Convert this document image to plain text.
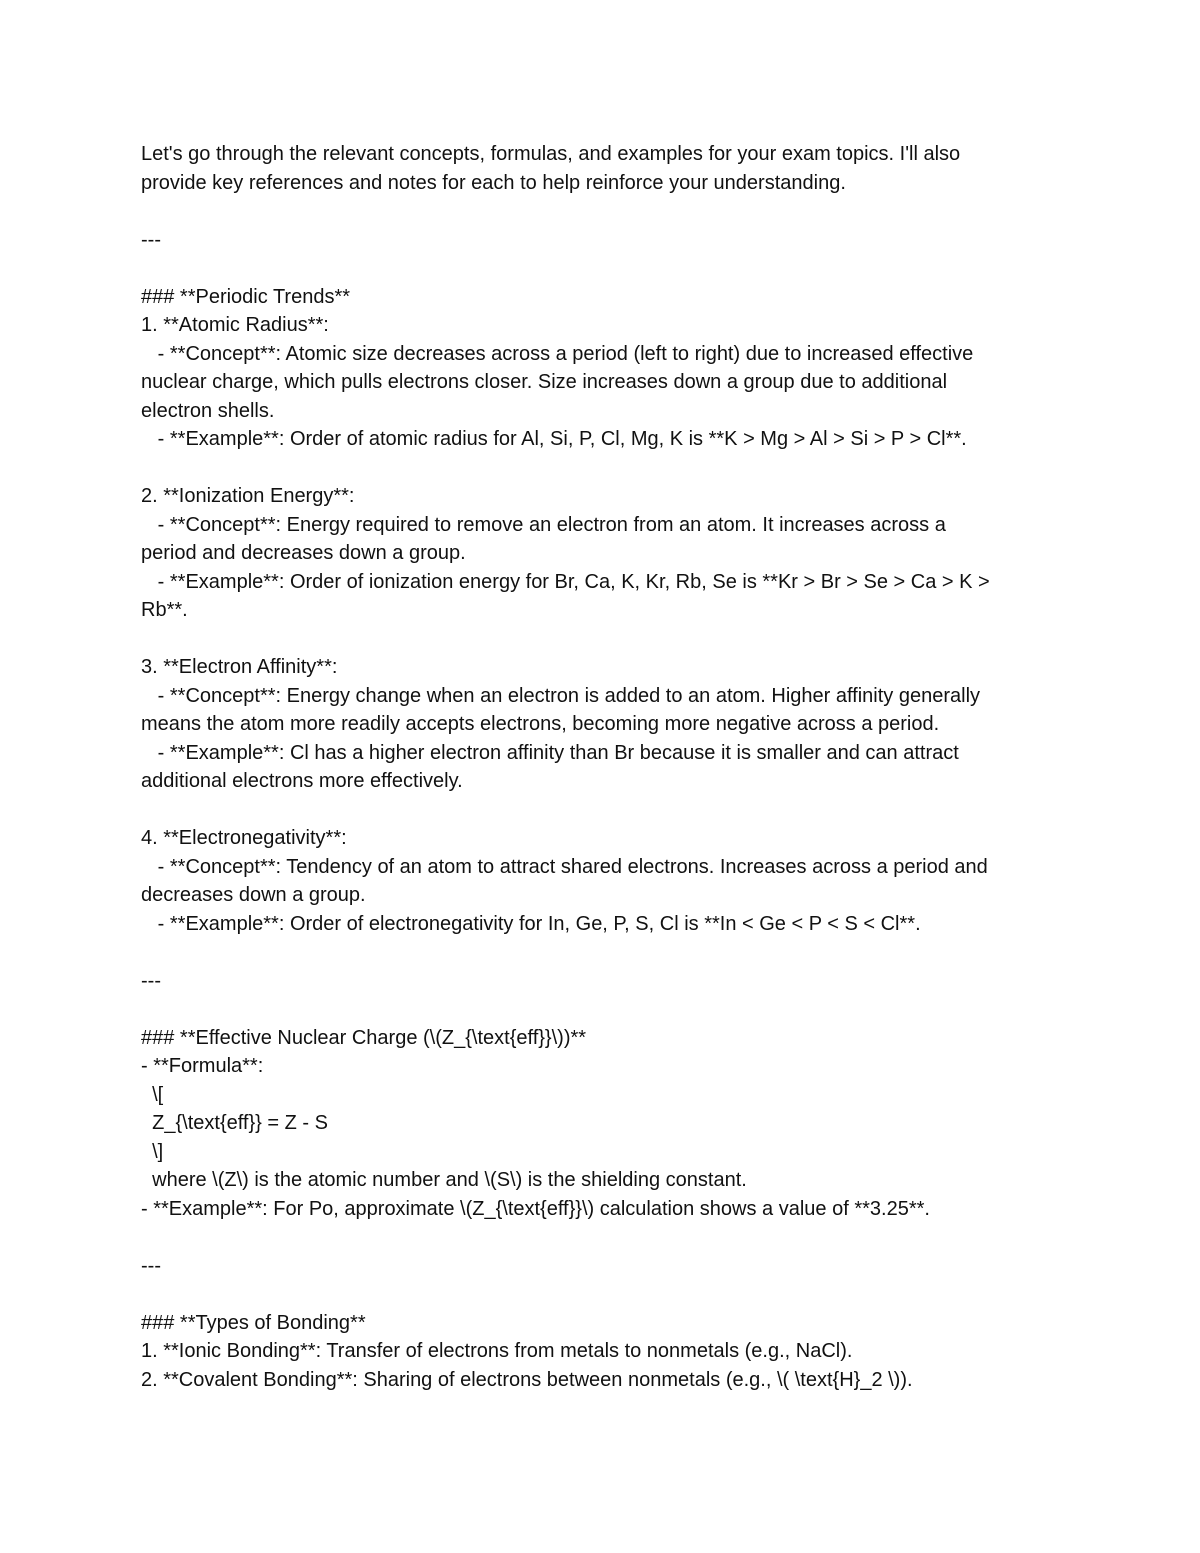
Let's go through the relevant concepts, formulas, and examples for your exam topics. I'll also
provide key references and notes for each to help reinforce your understanding.
---
### **Periodic Trends**
1. **Atomic Radius**:
- **Concept**: Atomic size decreases across a period (left to right) due to increased effective
nuclear charge, which pulls electrons closer. Size increases down a group due to additional
electron shells.
- **Example**: Order of atomic radius for Al, Si, P, Cl, Mg, K is **K > Mg > Al > Si > P > Cl**.
2. **Ionization Energy**:
- **Concept**: Energy required to remove an electron from an atom. It increases across a
period and decreases down a group.
- **Example**: Order of ionization energy for Br, Ca, K, Kr, Rb, Se is **Kr > Br > Se > Ca > K >
Rb**.
3. **Electron Affinity**:
- **Concept**: Energy change when an electron is added to an atom. Higher affinity generally
means the atom more readily accepts electrons, becoming more negative across a period.
- **Example**: Cl has a higher electron affinity than Br because it is smaller and can attract
additional electrons more effectively.
4. **Electronegativity**:
- **Concept**: Tendency of an atom to attract shared electrons. Increases across a period and
decreases down a group.
- **Example**: Order of electronegativity for In, Ge, P, S, Cl is **In < Ge < P < S < Cl**.
---
### **Effective Nuclear Charge (\(Z_{\text{eff}}\))**
- **Formula**:
\[
Z_{\text{eff}} = Z - S
\]
where \(Z\) is the atomic number and \(S\) is the shielding constant.
- **Example**: For Po, approximate \(Z_{\text{eff}}\) calculation shows a value of **3.25**.
---
### **Types of Bonding**
1. **Ionic Bonding**: Transfer of electrons from metals to nonmetals (e.g., NaCl).
2. **Covalent Bonding**: Sharing of electrons between nonmetals (e.g., \( \text{H}_2 \)).
